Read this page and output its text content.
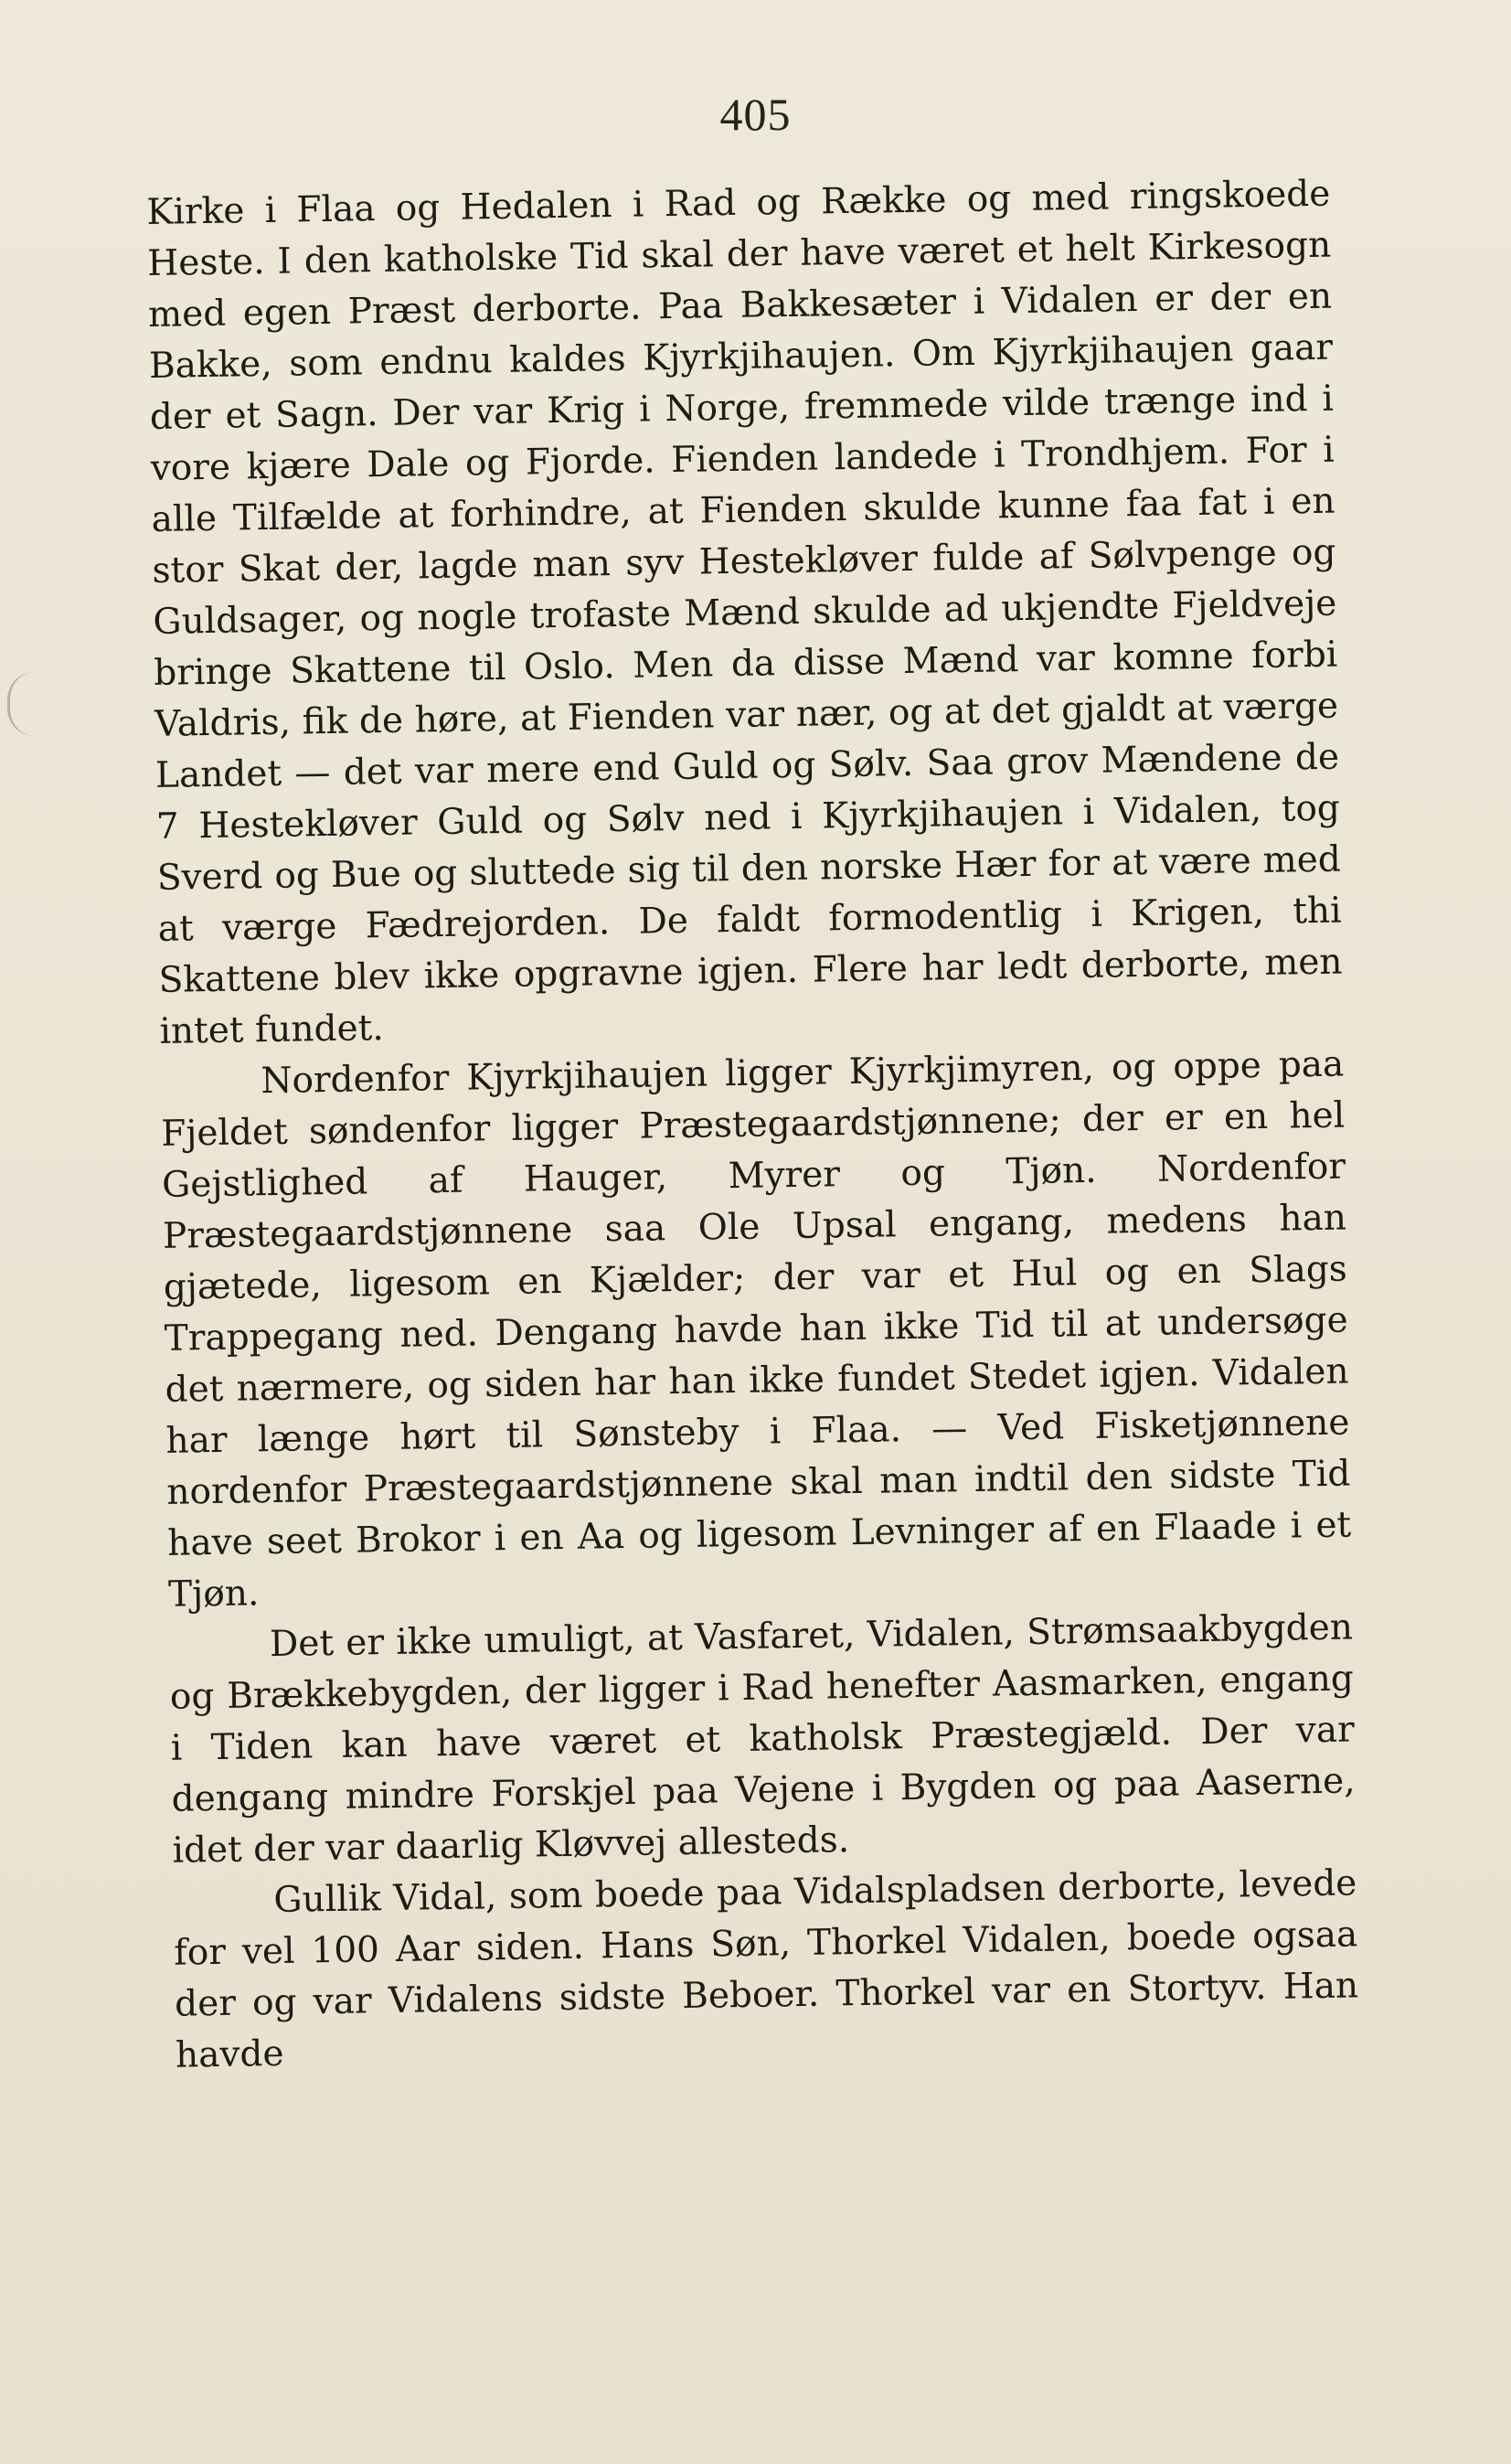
405

Kirke i Flaa og Hedalen i Rad og Række og med ringskoede Heste. I den katholske Tid skal der have været et helt Kirkesogn med egen Præst derborte. Paa Bakkesæter i Vidalen er der en Bakke, som endnu kaldes Kjyrkjihaujen. Om Kjyrkjihaujen gaar der et Sagn. Der var Krig i Norge, fremmede vilde trænge ind i vore kjære Dale og Fjorde. Fienden landede i Trondhjem. For i alle Tilfælde at forhindre, at Fienden skulde kunne faa fat i en stor Skat der, lagde man syv Hestekløver fulde af Sølvpenge og Guldsager, og nogle trofaste Mænd skulde ad ukjendte Fjeldveje bringe Skattene til Oslo. Men da disse Mænd var komne forbi Valdris, fik de høre, at Fienden var nær, og at det gjaldt at værge Landet — det var mere end Guld og Sølv. Saa grov Mændene de 7 Hestekløver Guld og Sølv ned i Kjyrkjihaujen i Vidalen, tog Sverd og Bue og sluttede sig til den norske Hær for at være med at værge Fædrejorden. De faldt formodentlig i Krigen, thi Skattene blev ikke opgravne igjen. Flere har ledt derborte, men intet fundet.

Nordenfor Kjyrkjihaujen ligger Kjyrkjimyren, og oppe paa Fjeldet søndenfor ligger Præstegaardstjønnene; der er en hel Gejstlighed af Hauger, Myrer og Tjøn. Nordenfor Præstegaardstjønnene saa Ole Upsal engang, medens han gjætede, ligesom en Kjælder; der var et Hul og en Slags Trappegang ned. Dengang havde han ikke Tid til at undersøge det nærmere, og siden har han ikke fundet Stedet igjen. Vidalen har længe hørt til Sønsteby i Flaa. — Ved Fisketjønnene nordenfor Præstegaardstjønnene skal man indtil den sidste Tid have seet Brokor i en Aa og ligesom Levninger af en Flaade i et Tjøn.

Det er ikke umuligt, at Vasfaret, Vidalen, Strømsaakbygden og Brækkebygden, der ligger i Rad henefter Aasmarken, engang i Tiden kan have været et katholsk Præstegjæld. Der var dengang mindre Forskjel paa Vejene i Bygden og paa Aaserne, idet der var daarlig Kløvvej allesteds.

Gullik Vidal, som boede paa Vidalspladsen derborte, levede for vel 100 Aar siden. Hans Søn, Thorkel Vidalen, boede ogsaa der og var Vidalens sidste Beboer. Thorkel var en Stortyv. Han havde
